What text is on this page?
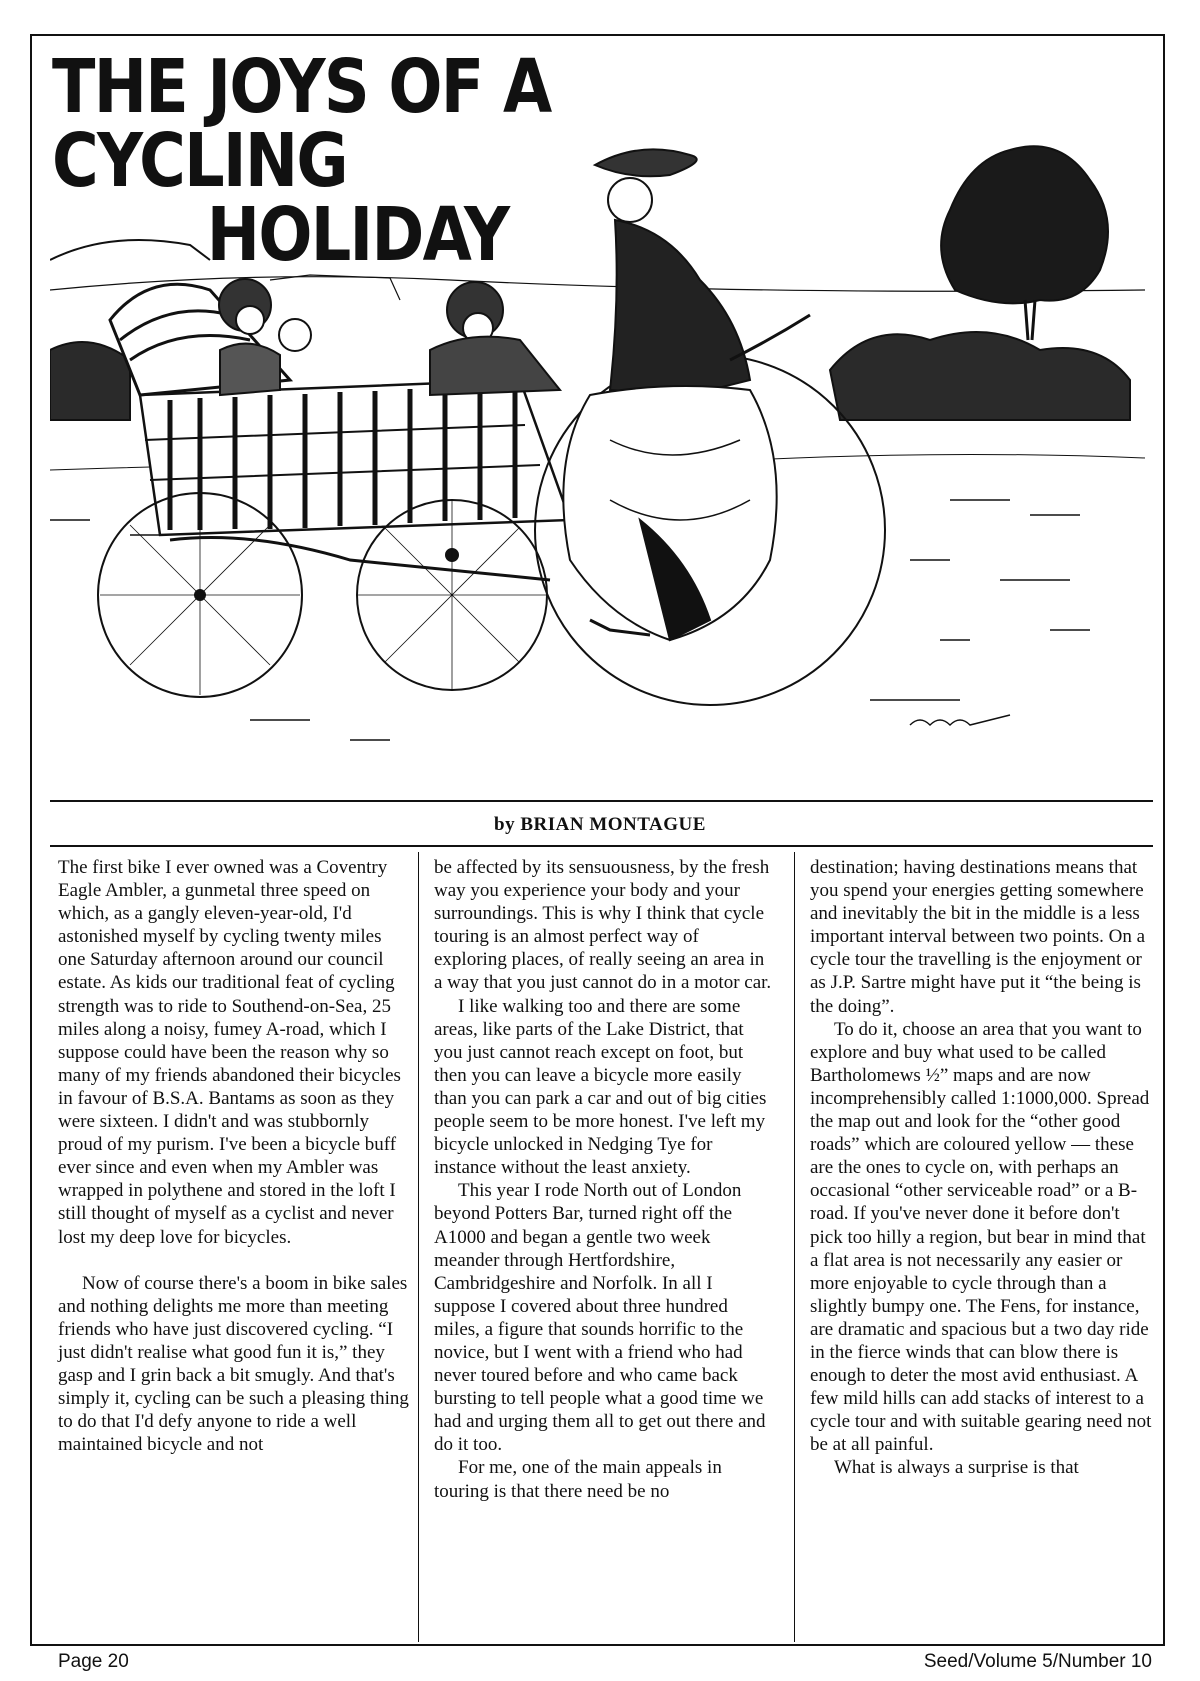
THE JOYS OF A CYCLING
HOLIDAY
by BRIAN MONTAGUE

The first bike I ever owned was a Coventry Eagle Ambler, a gunmetal three speed on which, as a gangly eleven-year-old, I'd astonished myself by cycling twenty miles one Saturday afternoon around our council estate. As kids our traditional feat of cycling strength was to ride to Southend-on-Sea, 25 miles along a noisy, fumey A-road, which I suppose could have been the reason why so many of my friends abandoned their bicycles in favour of B.S.A. Bantams as soon as they were sixteen. I didn't and was stubbornly proud of my purism. I've been a bicycle buff ever since and even when my Ambler was wrapped in polythene and stored in the loft I still thought of myself as a cyclist and never lost my deep love for bicycles.

Now of course there's a boom in bike sales and nothing delights me more than meeting friends who have just discovered cycling. “I just didn't realise what good fun it is,” they gasp and I grin back a bit smugly. And that's simply it, cycling can be such a pleasing thing to do that I'd defy anyone to ride a well maintained bicycle and not

be affected by its sensuousness, by the fresh way you experience your body and your surroundings. This is why I think that cycle touring is an almost perfect way of exploring places, of really seeing an area in a way that you just cannot do in a motor car.

I like walking too and there are some areas, like parts of the Lake District, that you just cannot reach except on foot, but then you can leave a bicycle more easily than you can park a car and out of big cities people seem to be more honest. I've left my bicycle unlocked in Nedging Tye for instance without the least anxiety.

This year I rode North out of London beyond Potters Bar, turned right off the A1000 and began a gentle two week meander through Hertfordshire, Cambridgeshire and Norfolk. In all I suppose I covered about three hundred miles, a figure that sounds horrific to the novice, but I went with a friend who had never toured before and who came back bursting to tell people what a good time we had and urging them all to get out there and do it too.

For me, one of the main appeals in touring is that there need be no

destination; having destinations means that you spend your energies getting somewhere and inevitably the bit in the middle is a less important interval between two points. On a cycle tour the travelling is the enjoyment or as J.P. Sartre might have put it “the being is the doing”.

To do it, choose an area that you want to explore and buy what used to be called Bartholomews ½” maps and are now incomprehensibly called 1:1000,000. Spread the map out and look for the “other good roads” which are coloured yellow — these are the ones to cycle on, with perhaps an occasional “other serviceable road” or a B-road. If you've never done it before don't pick too hilly a region, but bear in mind that a flat area is not necessarily any easier or more enjoyable to cycle through than a slightly bumpy one. The Fens, for instance, are dramatic and spacious but a two day ride in the fierce winds that can blow there is enough to deter the most avid enthusiast. A few mild hills can add stacks of interest to a cycle tour and with suitable gearing need not be at all painful.

What is always a surprise is that

Page 20	Seed/Volume 5/Number 10
